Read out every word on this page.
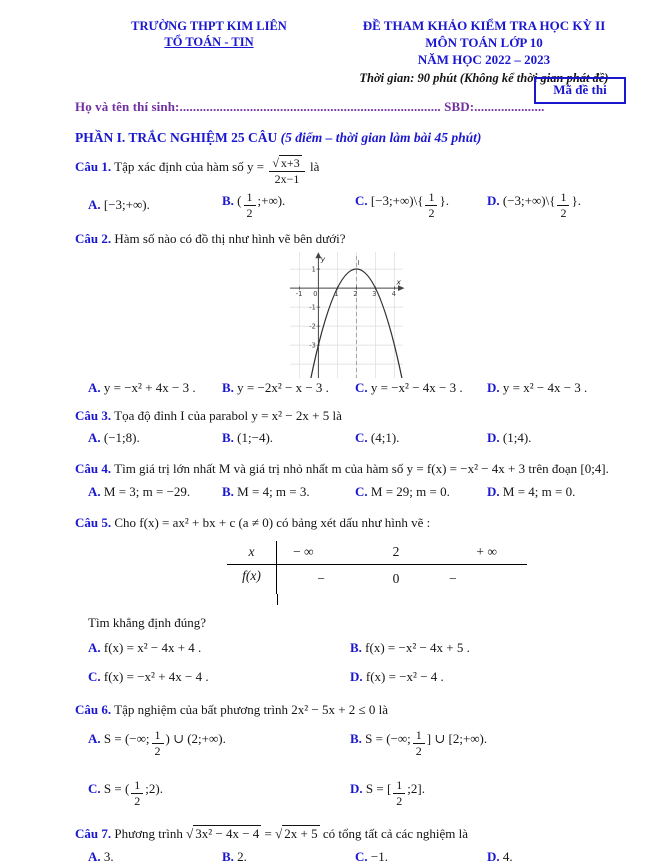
TRƯỜNG THPT KIM LIÊN
TỔ TOÁN - TIN
ĐỀ THAM KHẢO KIỂM TRA HỌC KỲ II
MÔN TOÁN LỚP 10
NĂM HỌC 2022 – 2023
Thời gian: 90 phút (Không kể thời gian phát đề)
Mã đề thi
Họ và tên thí sinh:.............................................................................. SBD:.....................
PHẦN I. TRẮC NGHIỆM 25 CÂU (5 điểm – thời gian làm bài 45 phút)
Câu 1. Tập xác định của hàm số $y = \frac{√ x+3}{2x-1}$ là
A. [−3;+∞).	B. ( $\frac{1}{2}$ ;+∞).	C. [−3;+∞)\{ $\frac{1}{2}$ }.	D. (−3;+∞)\{ $\frac{1}{2}$ }.
Câu 2. Hàm số nào có đồ thị như hình vẽ bên dưới?
-1 0	1 2 3 4
1
-1
-2
-3
y
x
I
A. y = −x² + 4x − 3 .	B. y = −2x² − x − 3 .	C. y = −x² − 4x − 3 .	D. y = x² − 4x − 3 .
Câu 3. Tọa độ đỉnh I của parabol y = x² − 2x + 5 là
A. (−1;8).	B. (1;−4).	C. (4;1).	D. (1;4).
Câu 4. Tìm giá trị lớn nhất M và giá trị nhỏ nhất m của hàm số y = f(x) = −x² − 4x + 3 trên đoạn [0;4].
A. M = 3; m = −29.	B. M = 4; m = 3.	C. M = 29; m = 0.	D. M = 4; m = 0.
Câu 5. Cho f(x) = ax² + bx + c (a ≠ 0) có bảng xét dấu như hình vẽ :
x	− ∞	2	+ ∞
f(x)	−	0	−
Tìm khẳng định đúng?
A. f(x) = x² − 4x + 4 .	B. f(x) = −x² − 4x + 5 .
C. f(x) = −x² + 4x − 4 .	D. f(x) = −x² − 4 .
Câu 6. Tập nghiệm của bất phương trình 2x² − 5x + 2 ≤ 0 là
A. S = (−∞; $\frac{1}{2}$ ) ∪ (2;+∞).	B. S = (−∞; $\frac{1}{2}$ ] ∪ [2;+∞).
C. S = ( $\frac{1}{2}$ ;2).	D. S = [ $\frac{1}{2}$ ;2].
Câu 7. Phương trình √ 3x² − 4x − 4 = √ 2x + 5 có tổng tất cả các nghiệm là
A. 3.	B. 2.	C. −1.	D. 4.
